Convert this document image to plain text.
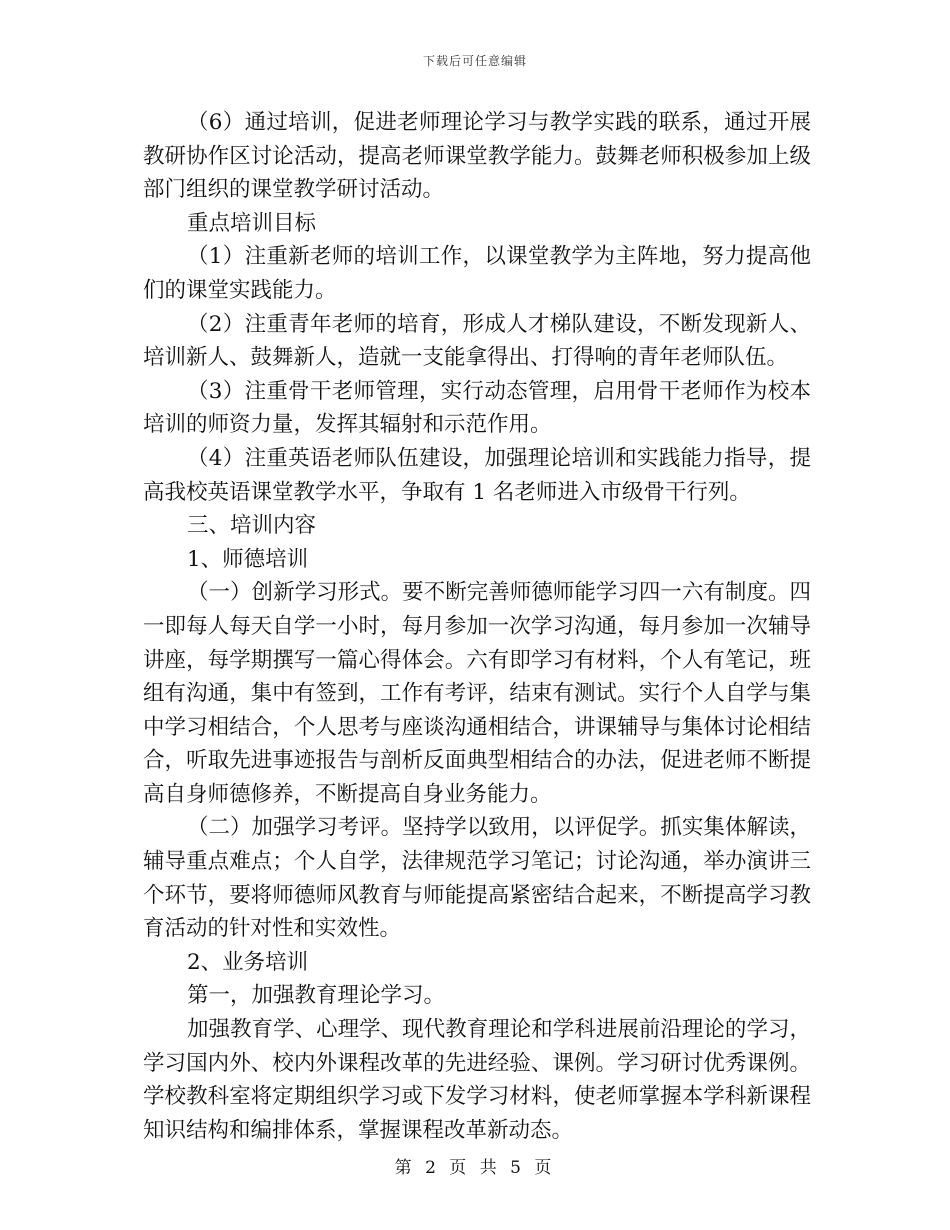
下载后可任意编辑

（6）通过培训，促进老师理论学习与教学实践的联系，通过开展教研协作区讨论活动，提高老师课堂教学能力。鼓舞老师积极参加上级部门组织的课堂教学研讨活动。

重点培训目标

（1）注重新老师的培训工作，以课堂教学为主阵地，努力提高他们的课堂实践能力。

（2）注重青年老师的培育，形成人才梯队建设，不断发现新人、培训新人、鼓舞新人，造就一支能拿得出、打得响的青年老师队伍。

（3）注重骨干老师管理，实行动态管理，启用骨干老师作为校本培训的师资力量，发挥其辐射和示范作用。

（4）注重英语老师队伍建设，加强理论培训和实践能力指导，提高我校英语课堂教学水平，争取有 1 名老师进入市级骨干行列。

三、培训内容

1、师德培训

（一）创新学习形式。要不断完善师德师能学习四一六有制度。四一即每人每天自学一小时，每月参加一次学习沟通，每月参加一次辅导讲座，每学期撰写一篇心得体会。六有即学习有材料，个人有笔记，班组有沟通，集中有签到，工作有考评，结束有测试。实行个人自学与集中学习相结合，个人思考与座谈沟通相结合，讲课辅导与集体讨论相结合，听取先进事迹报告与剖析反面典型相结合的办法，促进老师不断提高自身师德修养，不断提高自身业务能力。

（二）加强学习考评。坚持学以致用，以评促学。抓实集体解读，辅导重点难点；个人自学，法律规范学习笔记；讨论沟通，举办演讲三个环节，要将师德师风教育与师能提高紧密结合起来，不断提高学习教育活动的针对性和实效性。

2、业务培训

第一，加强教育理论学习。

加强教育学、心理学、现代教育理论和学科进展前沿理论的学习，学习国内外、校内外课程改革的先进经验、课例。学习研讨优秀课例。学校教科室将定期组织学习或下发学习材料，使老师掌握本学科新课程知识结构和编排体系，掌握课程改革新动态。

第 2 页 共 5 页
